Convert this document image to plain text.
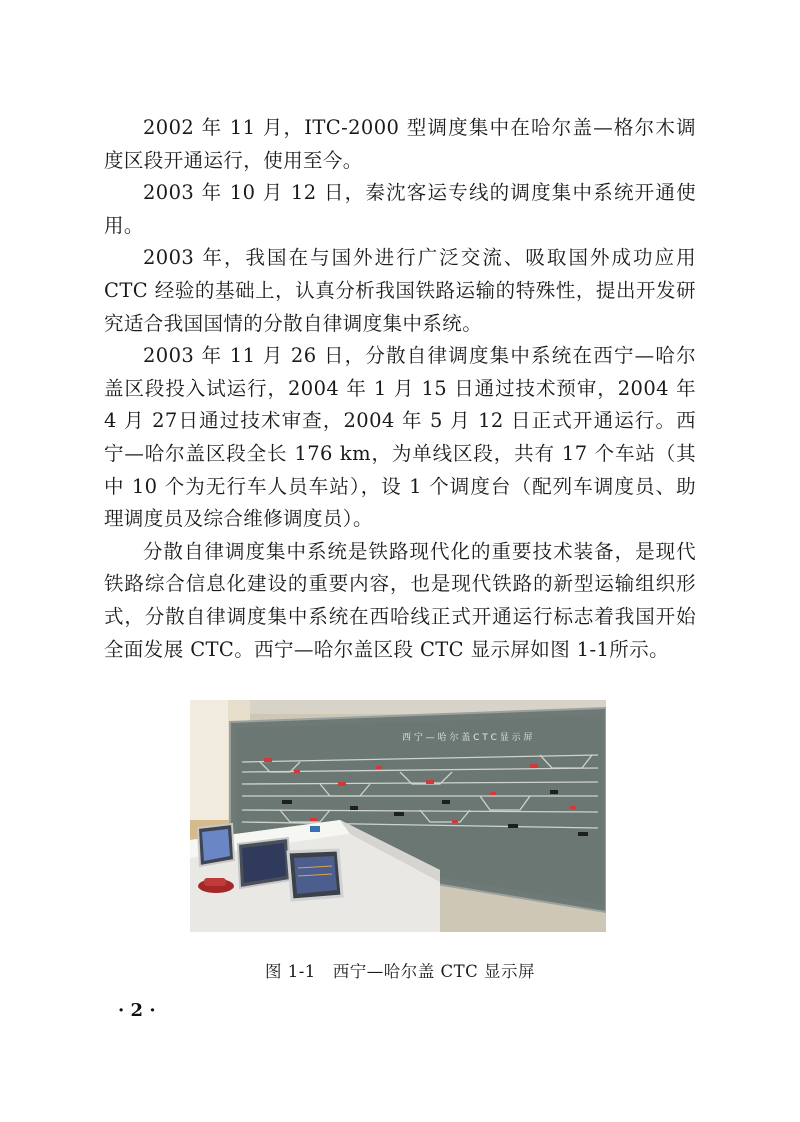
2002 年 11 月，ITC-2000 型调度集中在哈尔盖—格尔木调度区段开通运行，使用至今。

2003 年 10 月 12 日，秦沈客运专线的调度集中系统开通使用。

2003 年，我国在与国外进行广泛交流、吸取国外成功应用CTC 经验的基础上，认真分析我国铁路运输的特殊性，提出开发研究适合我国国情的分散自律调度集中系统。

2003 年 11 月 26 日，分散自律调度集中系统在西宁—哈尔盖区段投入试运行，2004 年 1 月 15 日通过技术预审，2004 年 4 月 27日通过技术审查，2004 年 5 月 12 日正式开通运行。西宁—哈尔盖区段全长 176 km，为单线区段，共有 17 个车站（其中 10 个为无行车人员车站），设 1 个调度台（配列车调度员、助理调度员及综合维修调度员）。

分散自律调度集中系统是铁路现代化的重要技术装备，是现代铁路综合信息化建设的重要内容，也是现代铁路的新型运输组织形式，分散自律调度集中系统在西哈线正式开通运行标志着我国开始全面发展 CTC。西宁—哈尔盖区段 CTC 显示屏如图 1-1所示。

西 宁 — 哈 尔 盖 C T C 显 示 屏
图 1-1　西宁—哈尔盖 CTC 显示屏
· 2 ·
